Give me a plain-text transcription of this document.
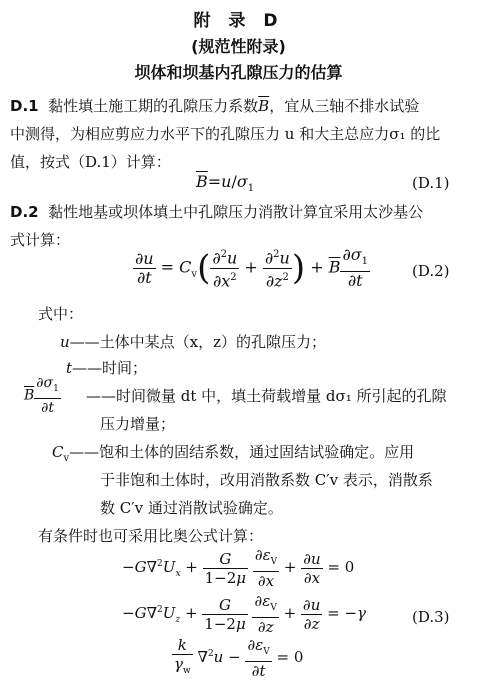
附 录 D
(规范性附录)
坝体和坝基内孔隙压力的估算
D.1 黏性填土施工期的孔隙压力系数$\overline{B}$，宜从三轴不排水试验
中测得，为相应剪应力水平下的孔隙压力 u 和大主总应力σ₁ 的比
值，按式（D.1）计算：
$\overline{B}=u/\sigma_1$	(D.1)
D.2 黏性地基或坝体填土中孔隙压力消散计算宜采用太沙基公
式计算：
$\frac{\partial u}{\partial t} = C_v( \frac{\partial^2u}{\partial x^2} + \frac{\partial^2u}{\partial z^2}$ ) + $\overline{B} \frac{\partial\sigma_1}{\partial t}$	(D.2)
式中：
u——土体中某点（x，z）的孔隙压力；
t——时间；
$\overline{B} \frac{\partial\sigma_1}{\partial t}$ ——时间微量 dt 中，填土荷载增量 dσ₁ 所引起的孔隙
压力增量；
$C_v——$饱和土体的固结系数，通过固结试验确定。应用
于非饱和土体时，改用消散系数 C′v 表示，消散系
数 C′v 通过消散试验确定。
有条件时也可采用比奥公式计算：
$-G\nabla^2U_x + \frac{G}{1-2\mu}$
$\frac{\partial\varepsilon_V}{\partial x} + \frac{\partial u}{\partial x} = 0$
$-G\nabla^2U_z + \frac{G}{1-2\mu}$
$\frac{\partial\varepsilon_V}{\partial z} + \frac{\partial u}{\partial z} = -\gamma$	(D.3)
$\frac{k}{\gamma_w} \nabla^2u - \frac{\partial\varepsilon_V}{\partial t} = 0$
